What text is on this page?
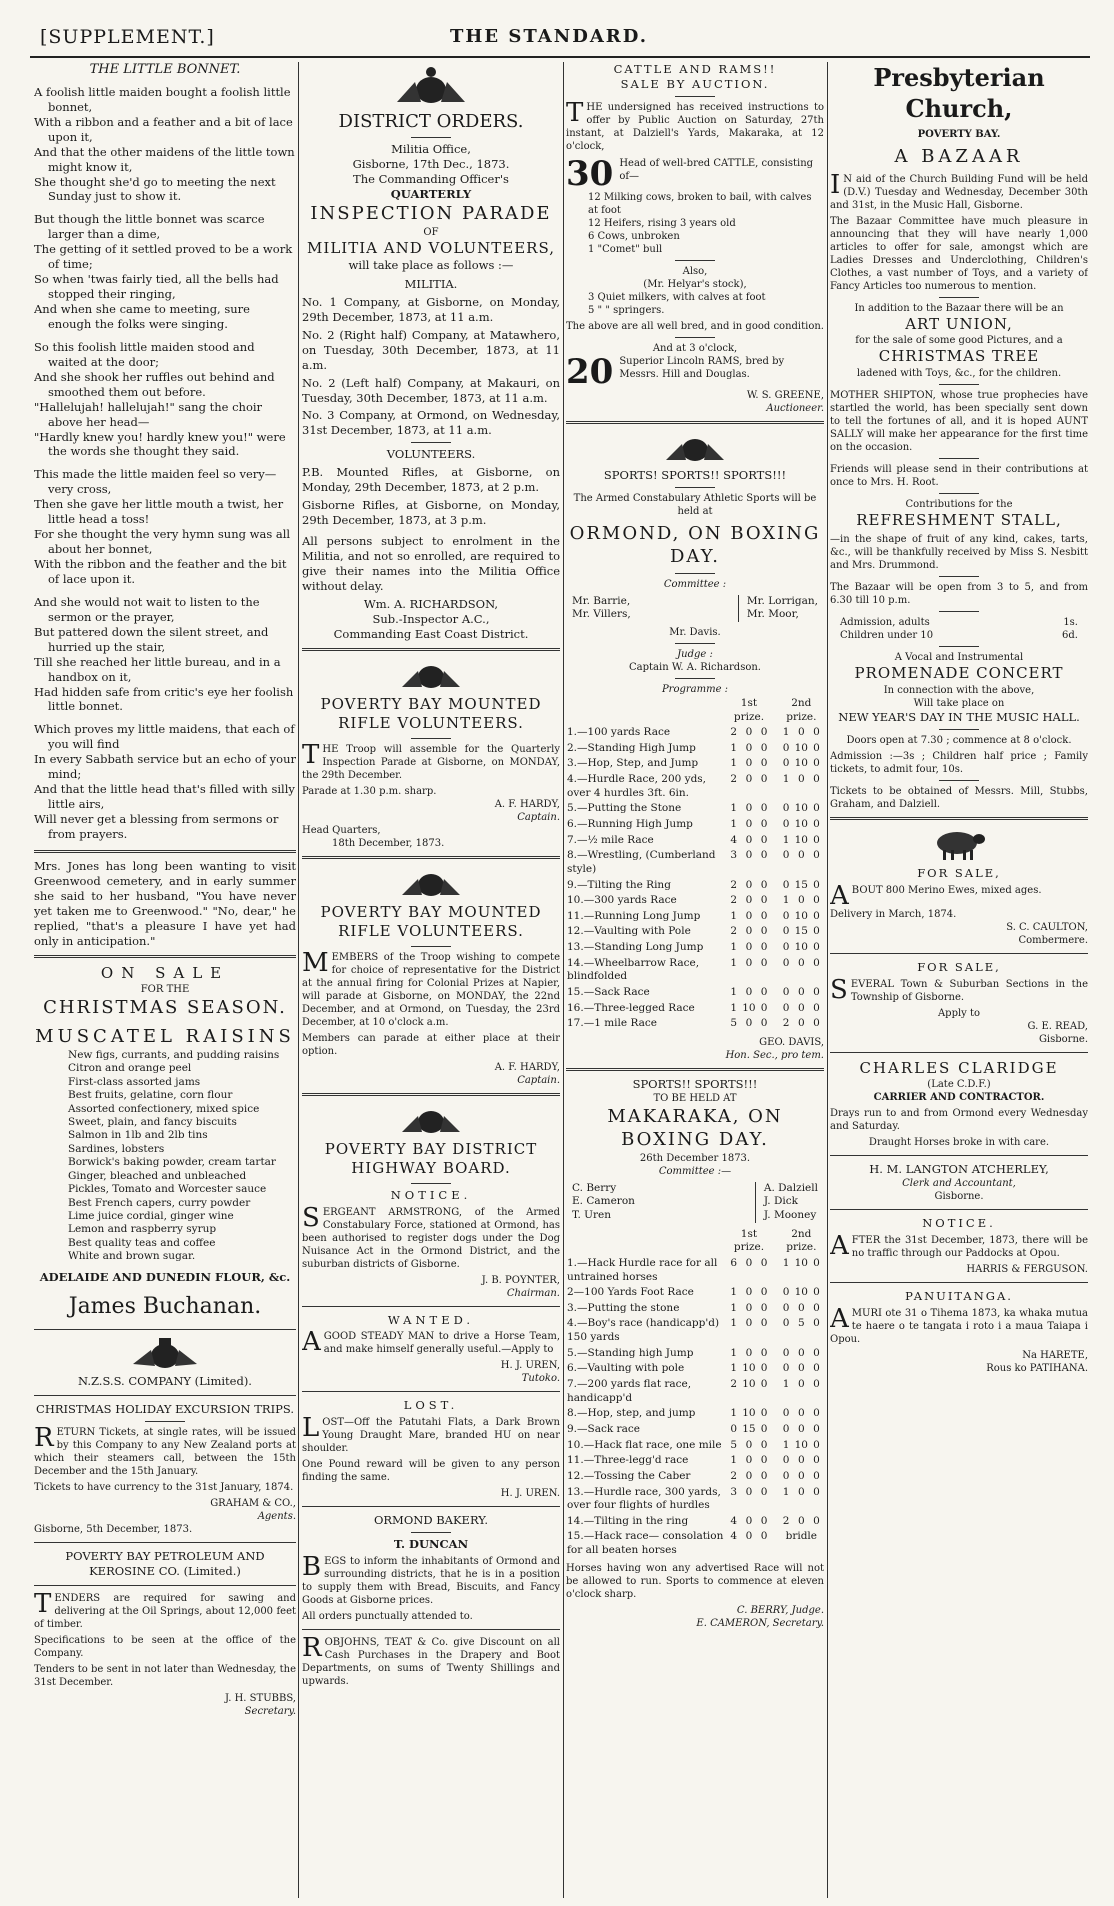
[SUPPLEMENT.]	THE STANDARD.
THE LITTLE BONNET.

A foolish little maiden bought a foolish little bonnet,
With a ribbon and a feather and a bit of lace upon it,
And that the other maidens of the little town might know it,
She thought she'd go to meeting the next Sunday just to show it.

But though the little bonnet was scarce larger than a dime,
The getting of it settled proved to be a work of time;
So when 'twas fairly tied, all the bells had stopped their ringing,
And when she came to meeting, sure enough the folks were singing.

So this foolish little maiden stood and waited at the door;
And she shook her ruffles out behind and smoothed them out before.
"Hallelujah! hallelujah!" sang the choir above her head—
"Hardly knew you! hardly knew you!" were the words she thought they said.

This made the little maiden feel so very—very cross,
Then she gave her little mouth a twist, her little head a toss!
For she thought the very hymn sung was all about her bonnet,
With the ribbon and the feather and the bit of lace upon it.

And she would not wait to listen to the sermon or the prayer,
But pattered down the silent street, and hurried up the stair,
Till she reached her little bureau, and in a handbox on it,
Had hidden safe from critic's eye her foolish little bonnet.

Which proves my little maidens, that each of you will find
In every Sabbath service but an echo of your mind;
And that the little head that's filled with silly little airs,
Will never get a blessing from sermons or from prayers.

Mrs. Jones has long been wanting to visit Greenwood cemetery, and in early summer she said to her husband, "You have never yet taken me to Greenwood." "No, dear," he replied, "that's a pleasure I have yet had only in anticipation."
ON SALE
FOR THE
CHRISTMAS SEASON.
MUSCATEL RAISINS
New figs, currants, and pudding raisins
Citron and orange peel
First-class assorted jams
Best fruits, gelatine, corn flour
Assorted confectionery, mixed spice
Sweet, plain, and fancy biscuits
Salmon in 1lb and 2lb tins
Sardines, lobsters
Borwick's baking powder, cream tartar
Ginger, bleached and unbleached
Pickles, Tomato and Worcester sauce
Best French capers, curry powder
Lime juice cordial, ginger wine
Lemon and raspberry syrup
Best quality teas and coffee
White and brown sugar.
ADELAIDE AND DUNEDIN FLOUR, &c.
James Buchanan.
N.Z.S.S. COMPANY (Limited).
CHRISTMAS HOLIDAY EXCURSION TRIPS.
RETURN Tickets, at single rates, will be issued by this Company to any New Zealand ports at which their steamers call, between the 15th December and the 15th January.
Tickets to have currency to the 31st January, 1874.
GRAHAM & CO.,
Agents.
Gisborne, 5th December, 1873.
POVERTY BAY PETROLEUM AND KEROSINE CO. (Limited.)
TENDERS are required for sawing and delivering at the Oil Springs, about 12,000 feet of timber.
Specifications to be seen at the office of the Company.
Tenders to be sent in not later than Wednesday, the 31st December.
J. H. STUBBS,
Secretary.
DISTRICT ORDERS.
Militia Office,
Gisborne, 17th Dec., 1873.
The Commanding Officer's
QUARTERLY
INSPECTION PARADE
OF
MILITIA AND VOLUNTEERS,
will take place as follows :—
MILITIA.
No. 1 Company, at Gisborne, on Monday, 29th December, 1873, at 11 a.m.
No. 2 (Right half) Company, at Matawhero, on Tuesday, 30th December, 1873, at 11 a.m.
No. 2 (Left half) Company, at Makauri, on Tuesday, 30th December, 1873, at 11 a.m.
No. 3 Company, at Ormond, on Wednesday, 31st December, 1873, at 11 a.m.
VOLUNTEERS.
P.B. Mounted Rifles, at Gisborne, on Monday, 29th December, 1873, at 2 p.m.
Gisborne Rifles, at Gisborne, on Monday, 29th December, 1873, at 3 p.m.
All persons subject to enrolment in the Militia, and not so enrolled, are required to give their names into the Militia Office without delay.
Wm. A. RICHARDSON,
Sub.-Inspector A.C.,
Commanding East Coast District.
POVERTY BAY MOUNTED RIFLE VOLUNTEERS.
THE Troop will assemble for the Quarterly Inspection Parade at Gisborne, on MONDAY, the 29th December.
Parade at 1.30 p.m. sharp.
A. F. HARDY,
Captain.
Head Quarters,
18th December, 1873.
POVERTY BAY MOUNTED RIFLE VOLUNTEERS.
MEMBERS of the Troop wishing to compete for choice of representative for the District at the annual firing for Colonial Prizes at Napier, will parade at Gisborne, on MONDAY, the 22nd December, and at Ormond, on Tuesday, the 23rd December, at 10 o'clock a.m.
Members can parade at either place at their option.
A. F. HARDY,
Captain.
POVERTY BAY DISTRICT HIGHWAY BOARD.
NOTICE.
SERGEANT ARMSTRONG, of the Armed Constabulary Force, stationed at Ormond, has been authorised to register dogs under the Dog Nuisance Act in the Ormond District, and the suburban districts of Gisborne.
J. B. POYNTER,
Chairman.
WANTED.
AGOOD STEADY MAN to drive a Horse Team, and make himself generally useful.—Apply to
H. J. UREN,
Tutoko.
LOST.
LOST—Off the Patutahi Flats, a Dark Brown Young Draught Mare, branded HU on near shoulder.
One Pound reward will be given to any person finding the same.
H. J. UREN.
ORMOND BAKERY.
T. DUNCAN
BEGS to inform the inhabitants of Ormond and surrounding districts, that he is in a position to supply them with Bread, Biscuits, and Fancy Goods at Gisborne prices.
All orders punctually attended to.
ROBJOHNS, TEAT & Co. give Discount on all Cash Purchases in the Drapery and Boot Departments, on sums of Twenty Shillings and upwards.
CATTLE AND RAMS!!
SALE BY AUCTION.
THE undersigned has received instructions to offer by Public Auction on Saturday, 27th instant, at Dalziell's Yards, Makaraka, at 12 o'clock,
30 Head of well-bred CATTLE, consisting of—
12 Milking cows, broken to bail, with calves at foot
12 Heifers, rising 3 years old
6 Cows, unbroken
1 "Comet" bull
Also,
(Mr. Helyar's stock),
3 Quiet milkers, with calves at foot
5 " " springers.
The above are all well bred, and in good condition.
And at 3 o'clock,
20 Superior Lincoln RAMS, bred by Messrs. Hill and Douglas.
W. S. GREENE,
Auctioneer.
SPORTS! SPORTS!! SPORTS!!!
The Armed Constabulary Athletic Sports will be held at
ORMOND, ON BOXING DAY.
Committee :
Mr. Barrie,
Mr. Villers,
Mr. Lorrigan,
Mr. Moor,
Mr. Davis.
Judge :
Captain W. A. Richardson.
Programme :
	1st prize.				2nd prize.		
1.—100 yards Race	2	0	0		1	0	0
2.—Standing High Jump	1	0	0		0	10	0
3.—Hop, Step, and Jump	1	0	0		0	10	0
4.—Hurdle Race, 200 yds, over 4 hurdles 3ft. 6in.	2	0	0		1	0	0
5.—Putting the Stone	1	0	0		0	10	0
6.—Running High Jump	1	0	0		0	10	0
7.—½ mile Race	4	0	0		1	10	0
8.—Wrestling, (Cumberland style)	3	0	0		0	0	0
9.—Tilting the Ring	2	0	0		0	15	0
10.—300 yards Race	2	0	0		1	0	0
11.—Running Long Jump	1	0	0		0	10	0
12.—Vaulting with Pole	2	0	0		0	15	0
13.—Standing Long Jump	1	0	0		0	10	0
14.—Wheelbarrow Race, blindfolded	1	0	0		0	0	0
15.—Sack Race	1	0	0		0	0	0
16.—Three-legged Race	1	10	0		0	0	0
17.—1 mile Race	5	0	0		2	0	0
GEO. DAVIS,
Hon. Sec., pro tem.
SPORTS!! SPORTS!!!
TO BE HELD AT
MAKARAKA, ON BOXING DAY.
26th December 1873.
Committee :—
C. Berry
E. Cameron
T. Uren
A. Dalziell
J. Dick
J. Mooney
	1st prize.				2nd prize.		
1.—Hack Hurdle race for all untrained horses	6	0	0		1	10	0
2—100 Yards Foot Race	1	0	0		0	10	0
3.—Putting the stone	1	0	0		0	0	0
4.—Boy's race (handicapp'd) 150 yards	1	0	0		0	5	0
5.—Standing high Jump	1	0	0		0	0	0
6.—Vaulting with pole	1	10	0		0	0	0
7.—200 yards flat race, handicapp'd	2	10	0		1	0	0
8.—Hop, step, and jump	1	10	0		0	0	0
9.—Sack race	0	15	0		0	0	0
10.—Hack flat race, one mile	5	0	0		1	10	0
11.—Three-legg'd race	1	0	0		0	0	0
12.—Tossing the Caber	2	0	0		0	0	0
13.—Hurdle race, 300 yards, over four flights of hurdles	3	0	0		1	0	0
14.—Tilting in the ring	4	0	0		2	0	0
15.—Hack race— consolation for all beaten horses	4	0	0		bridle		
Horses having won any advertised Race will not be allowed to run. Sports to commence at eleven o'clock sharp.
C. BERRY, Judge.
E. CAMERON, Secretary.
Presbyterian Church,
POVERTY BAY.
A BAZAAR
I N aid of the Church Building Fund will be held (D.V.) Tuesday and Wednesday, December 30th and 31st, in the Music Hall, Gisborne.
The Bazaar Committee have much pleasure in announcing that they will have nearly 1,000 articles to offer for sale, amongst which are Ladies Dresses and Underclothing, Children's Clothes, a vast number of Toys, and a variety of Fancy Articles too numerous to mention.
In addition to the Bazaar there will be an
ART UNION,
for the sale of some good Pictures, and a
CHRISTMAS TREE
ladened with Toys, &c., for the children.
MOTHER SHIPTON, whose true prophecies have startled the world, has been specially sent down to tell the fortunes of all, and it is hoped AUNT SALLY will make her appearance for the first time on the occasion.
Friends will please send in their contributions at once to Mrs. H. Root.
Contributions for the
REFRESHMENT STALL,
—in the shape of fruit of any kind, cakes, tarts, &c., will be thankfully received by Miss S. Nesbitt and Mrs. Drummond.
The Bazaar will be open from 3 to 5, and from 6.30 till 10 p.m.
Admission, adults	1s.
Children under 10	6d.
A Vocal and Instrumental
PROMENADE CONCERT
In connection with the above,
Will take place on
NEW YEAR'S DAY IN THE MUSIC HALL.
Doors open at 7.30 ; commence at 8 o'clock.
Admission :—3s ; Children half price ; Family tickets, to admit four, 10s.
Tickets to be obtained of Messrs. Mill, Stubbs, Graham, and Dalziell.
FOR SALE,
ABOUT 800 Merino Ewes, mixed ages.
Delivery in March, 1874.
S. C. CAULTON,
Combermere.
FOR SALE,
SEVERAL Town & Suburban Sections in the Township of Gisborne.
Apply to
G. E. READ,
Gisborne.
CHARLES CLARIDGE
(Late C.D.F.)
CARRIER AND CONTRACTOR.
Drays run to and from Ormond every Wednesday and Saturday.
Draught Horses broke in with care.
H. M. LANGTON ATCHERLEY,
Clerk and Accountant,
Gisborne.
NOTICE.
AFTER the 31st December, 1873, there will be no traffic through our Paddocks at Opou.
HARRIS & FERGUSON.
PANUITANGA.
AMURI ote 31 o Tihema 1873, ka whaka mutua te haere o te tangata i roto i a maua Taiapa i Opou.
Na HARETE,
Rous ko PATIHANA.
